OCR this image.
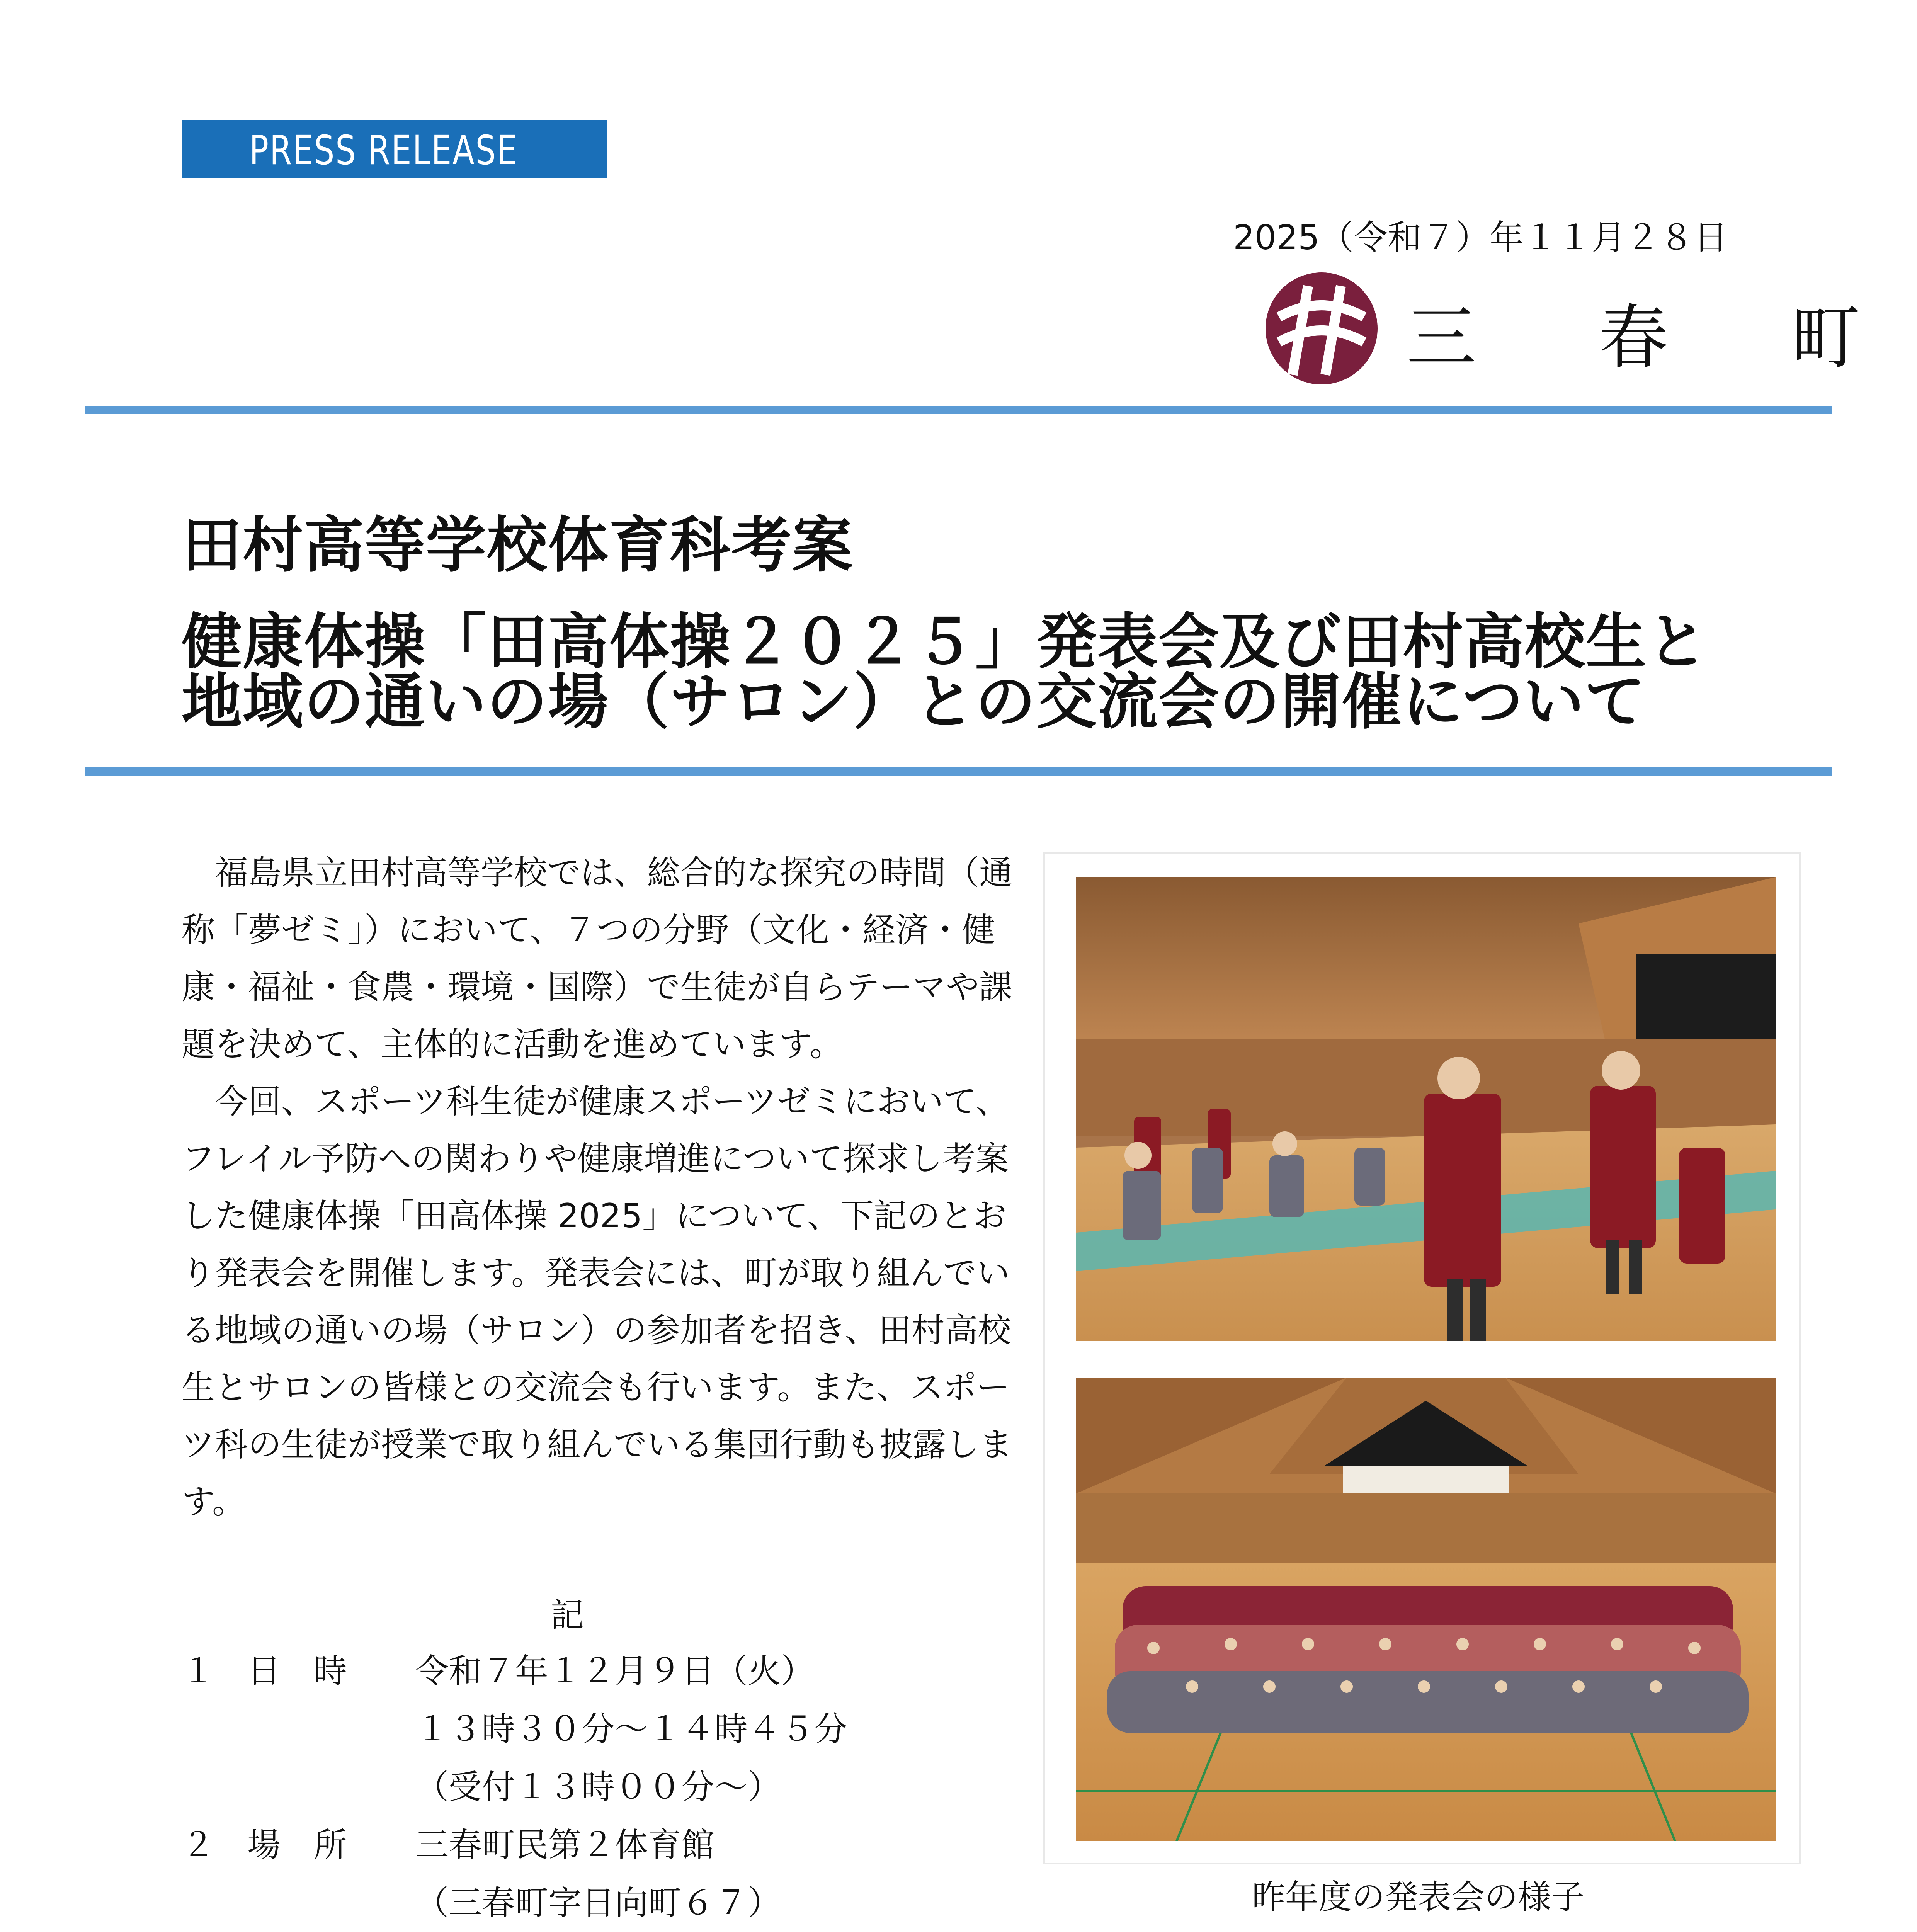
PRESS RELEASE
2025（令和７）年１１月２８日
三 春 町
田村高等学校体育科考案
健康体操「田高体操２０２５」発表会及び田村高校生と
地域の通いの場（サロン）との交流会の開催について

福島県立田村高等学校では、総合的な探究の時間（通称「夢ゼミ」）において、７つの分野（文化・経済・健康・福祉・食農・環境・国際）で生徒が自らテーマや課題を決めて、主体的に活動を進めています。

今回、スポーツ科生徒が健康スポーツゼミにおいて、フレイル予防への関わりや健康増進について探求し考案した健康体操「田高体操 2025」について、下記のとおり発表会を開催します。発表会には、町が取り組んでいる地域の通いの場（サロン）の参加者を招き、田村高校生とサロンの皆様との交流会も行います。また、スポーツ科の生徒が授業で取り組んでいる集団行動も披露します。

昨年度の発表会の様子
記
１ 日　時 令和７年１２月９日（火）
１３時３０分～１４時４５分
（受付１３時００分～）
２ 場　所 三春町民第２体育館
（三春町字日向町６７）
